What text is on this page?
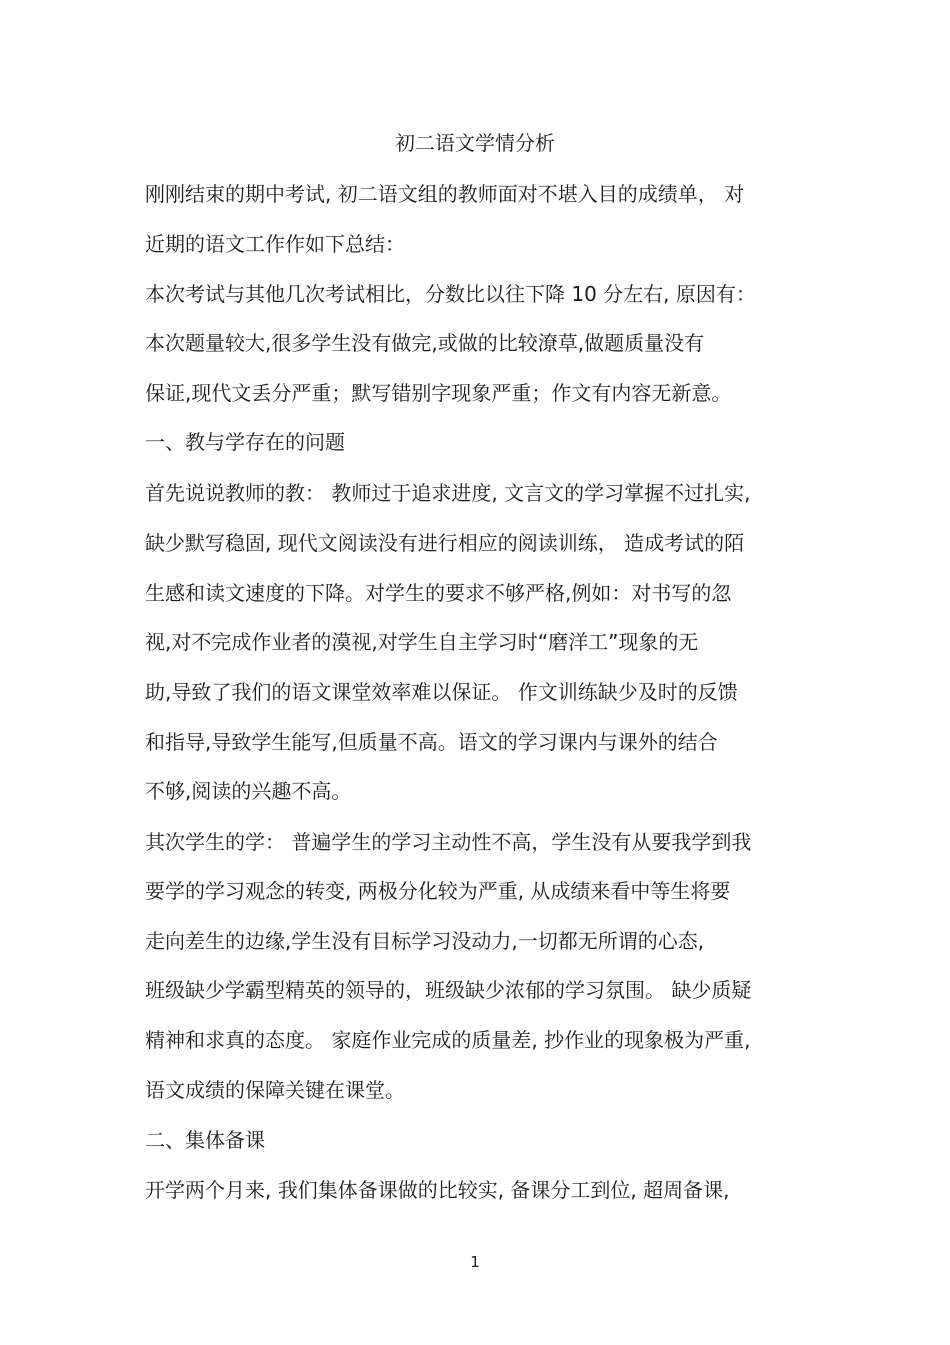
初二语文学情分析
刚刚结束的期中考试, 初二语文组的教师面对不堪入目的成绩单， 对
近期的语文工作作如下总结：
本次考试与其他几次考试相比，分数比以往下降 10 分左右, 原因有：
本次题量较大,很多学生没有做完,或做的比较潦草,做题质量没有
保证,现代文丢分严重；默写错别字现象严重；作文有内容无新意。
一、教与学存在的问题
首先说说教师的教： 教师过于追求进度, 文言文的学习掌握不过扎实,
缺少默写稳固, 现代文阅读没有进行相应的阅读训练， 造成考试的陌
生感和读文速度的下降。对学生的要求不够严格,例如：对书写的忽
视,对不完成作业者的漠视,对学生自主学习时“磨洋工”现象的无
助,导致了我们的语文课堂效率难以保证。 作文训练缺少及时的反馈
和指导,导致学生能写,但质量不高。语文的学习课内与课外的结合
不够,阅读的兴趣不高。
其次学生的学： 普遍学生的学习主动性不高，学生没有从要我学到我
要学的学习观念的转变, 两极分化较为严重, 从成绩来看中等生将要
走向差生的边缘,学生没有目标学习没动力,一切都无所谓的心态,
班级缺少学霸型精英的领导的，班级缺少浓郁的学习氛围。 缺少质疑
精神和求真的态度。 家庭作业完成的质量差, 抄作业的现象极为严重,
语文成绩的保障关键在课堂。
二、集体备课
开学两个月来, 我们集体备课做的比较实, 备课分工到位, 超周备课,
1
